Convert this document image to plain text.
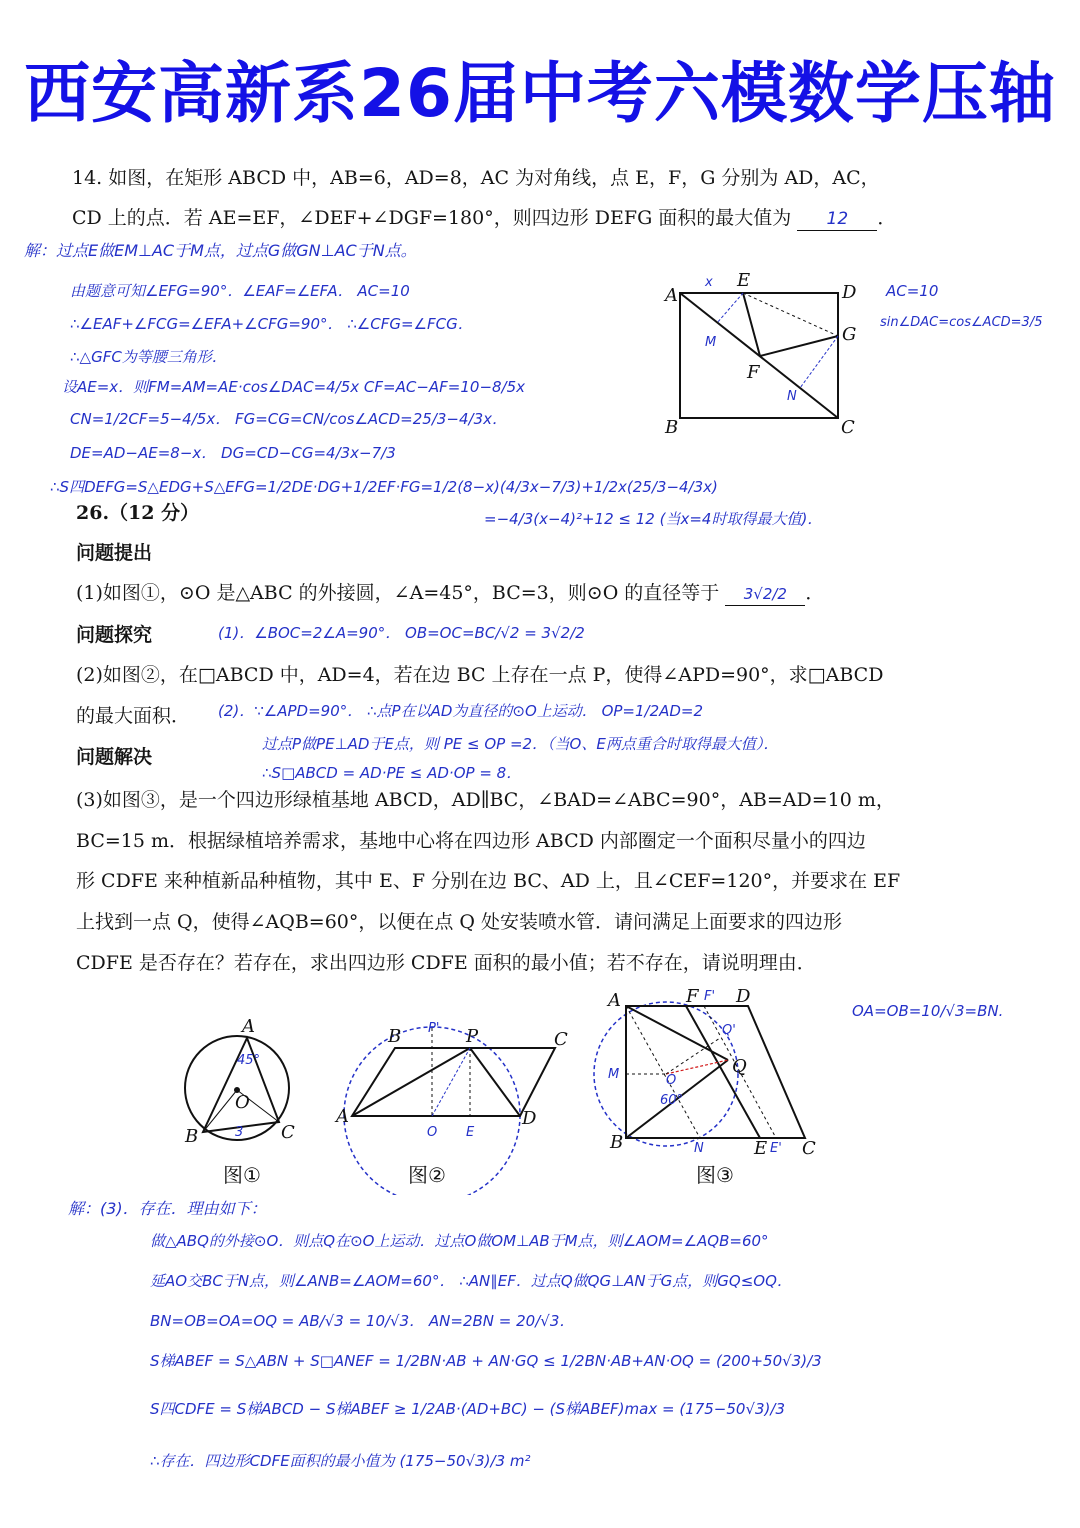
西安高新系26届中考六模数学压轴
14. 如图，在矩形 ABCD 中，AB=6，AD=8，AC 为对角线，点 E，F，G 分别为 AD，AC，
CD 上的点．若 AE=EF，∠DEF+∠DGF=180°，则四边形 DEFG 面积的最大值为 12 ．
解：过点E做EM⊥AC于M点，过点G做GN⊥AC于N点。
由题意可知∠EFG=90°．∠EAF=∠EFA． AC=10
∴∠EAF+∠FCG=∠EFA+∠CFG=90°． ∴∠CFG=∠FCG．
∴△GFC为等腰三角形．
设AE=x．则FM=AM=AE·cos∠DAC=4/5x CF=AC−AF=10−8/5x
CN=1/2CF=5−4/5x． FG=CG=CN/cos∠ACD=25/3−4/3x．
DE=AD−AE=8−x． DG=CD−CG=4/3x−7/3
∴S四DEFG=S△EDG+S△EFG=1/2DE·DG+1/2EF·FG=1/2(8−x)(4/3x−7/3)+1/2x(25/3−4/3x)
=−4/3(x−4)²+12 ≤ 12 (当x=4时取得最大值)．
A
E
D
G
F
B	C
M
N
x	AC=10
sin∠DAC=cos∠ACD=3/5
26.（12 分）
问题提出
(1)如图①，⊙O 是△ABC 的外接圆，∠A=45°，BC=3，则⊙O 的直径等于 3√2/2 ．
问题探究	(1)．∠BOC=2∠A=90°． OB=OC=BC/√2 = 3√2/2
(2)如图②，在□ABCD 中，AD=4，若在边 BC 上存在一点 P，使得∠APD=90°，求□ABCD
的最大面积． (2)．∵∠APD=90°． ∴点P在以AD为直径的⊙O上运动． OP=1/2AD=2
问题解决
过点P做PE⊥AD于E点，则 PE ≤ OP =2．（当O、E两点重合时取得最大值）．
∴S□ABCD = AD·PE ≤ AD·OP = 8．
(3)如图③，是一个四边形绿植基地 ABCD，AD∥BC，∠BAD=∠ABC=90°，AB=AD=10 m，
BC=15 m．根据绿植培养需求，基地中心将在四边形 ABCD 内部圈定一个面积尽量小的四边
形 CDFE 来种植新品种植物，其中 E、F 分别在边 BC、AD 上，且∠CEF=120°，并要求在 EF
上找到一点 Q，使得∠AQB=60°，以便在点 Q 处安装喷水管．请问满足上面要求的四边形
CDFE 是否存在？若存在，求出四边形 CDFE 面积的最小值；若不存在，请说明理由．
A
B	C
O
45°
3
图①
B P' P	C
A
O E
D
图②
A	F F' D
Q'
M	O
Q
60°
B	N	E E' C
图③
OA=OB=10/√3=BN.
解：(3)．存在．理由如下：
做△ABQ的外接⊙O．则点Q在⊙O上运动．过点O做OM⊥AB于M点，则∠AOM=∠AQB=60°
延AO交BC于N点，则∠ANB=∠AOM=60°． ∴AN∥EF．过点Q做QG⊥AN于G点，则GQ≤OQ．
BN=OB=OA=OQ = AB/√3 = 10/√3． AN=2BN = 20/√3．
S梯ABEF = S△ABN + S□ANEF = 1/2BN·AB + AN·GQ ≤ 1/2BN·AB+AN·OQ = (200+50√3)/3
S四CDFE = S梯ABCD − S梯ABEF ≥ 1/2AB·(AD+BC) − (S梯ABEF)max = (175−50√3)/3
∴存在．四边形CDFE面积的最小值为 (175−50√3)/3 m²
